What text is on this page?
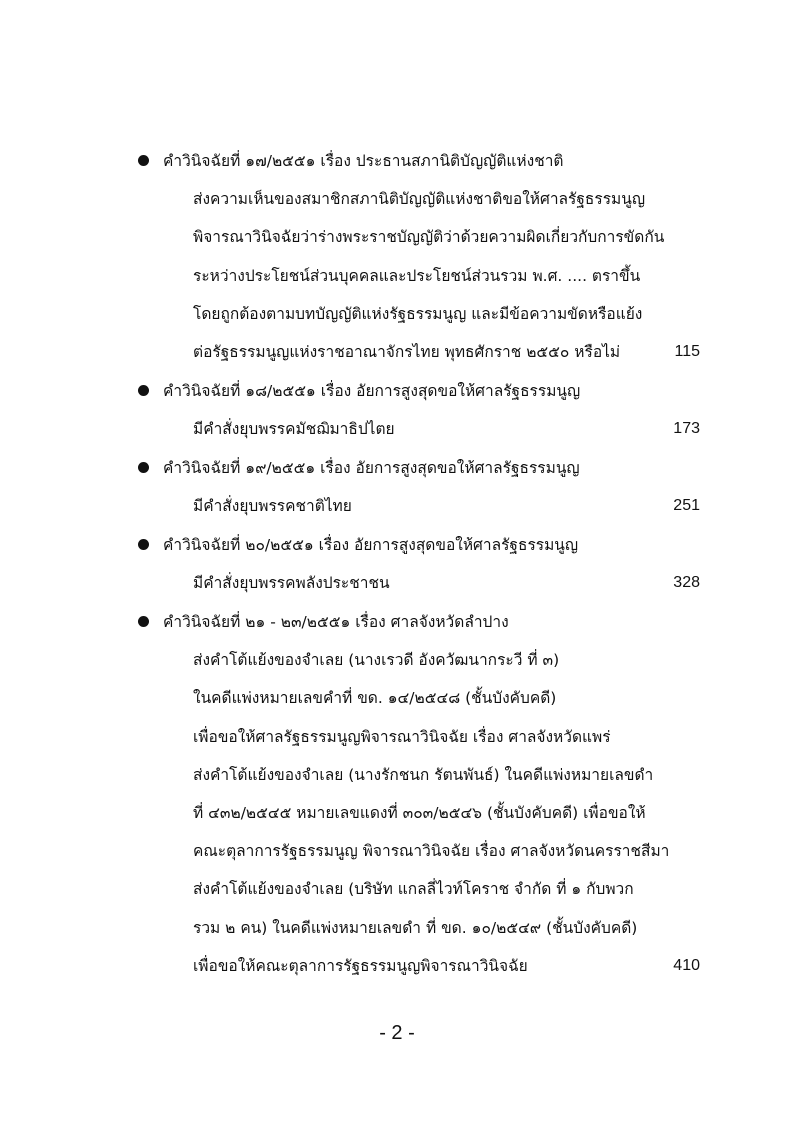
คำวินิจฉัยที่ ๑๗/๒๕๕๑ เรื่อง ประธานสภานิติบัญญัติแห่งชาติ
ส่งความเห็นของสมาชิกสภานิติบัญญัติแห่งชาติขอให้ศาลรัฐธรรมนูญ
พิจารณาวินิจฉัยว่าร่างพระราชบัญญัติว่าด้วยความผิดเกี่ยวกับการขัดกัน
ระหว่างประโยชน์ส่วนบุคคลและประโยชน์ส่วนรวม พ.ศ. .... ตราขึ้น
โดยถูกต้องตามบทบัญญัติแห่งรัฐธรรมนูญ และมีข้อความขัดหรือแย้ง
ต่อรัฐธรรมนูญแห่งราชอาณาจักรไทย พุทธศักราช ๒๕๕๐ หรือไม่	115
คำวินิจฉัยที่ ๑๘/๒๕๕๑ เรื่อง อัยการสูงสุดขอให้ศาลรัฐธรรมนูญ
มีคำสั่งยุบพรรคมัชฌิมาธิปไตย	173
คำวินิจฉัยที่ ๑๙/๒๕๕๑ เรื่อง อัยการสูงสุดขอให้ศาลรัฐธรรมนูญ
มีคำสั่งยุบพรรคชาติไทย	251
คำวินิจฉัยที่ ๒๐/๒๕๕๑ เรื่อง อัยการสูงสุดขอให้ศาลรัฐธรรมนูญ
มีคำสั่งยุบพรรคพลังประชาชน	328
คำวินิจฉัยที่ ๒๑ - ๒๓/๒๕๕๑ เรื่อง ศาลจังหวัดลำปาง
ส่งคำโต้แย้งของจำเลย (นางเรวดี อังควัฒนากระวี ที่ ๓)
ในคดีแพ่งหมายเลขคำที่ ขด. ๑๔/๒๕๔๘ (ชั้นบังคับคดี)
เพื่อขอให้ศาลรัฐธรรมนูญพิจารณาวินิจฉัย เรื่อง ศาลจังหวัดแพร่
ส่งคำโต้แย้งของจำเลย (นางรักชนก รัตนพันธ์) ในคดีแพ่งหมายเลขดำ
ที่ ๔๓๒/๒๕๔๕ หมายเลขแดงที่ ๓๐๓/๒๕๔๖ (ชั้นบังคับคดี) เพื่อขอให้
คณะตุลาการรัฐธรรมนูญ พิจารณาวินิจฉัย เรื่อง ศาลจังหวัดนครราชสีมา
ส่งคำโต้แย้งของจำเลย (บริษัท แกลลี่ไวท์โคราช จำกัด ที่ ๑ กับพวก
รวม ๒ คน) ในคดีแพ่งหมายเลขดำ ที่ ขด. ๑๐/๒๕๔๙ (ชั้นบังคับคดี)
เพื่อขอให้คณะตุลาการรัฐธรรมนูญพิจารณาวินิจฉัย	410
- 2 -
